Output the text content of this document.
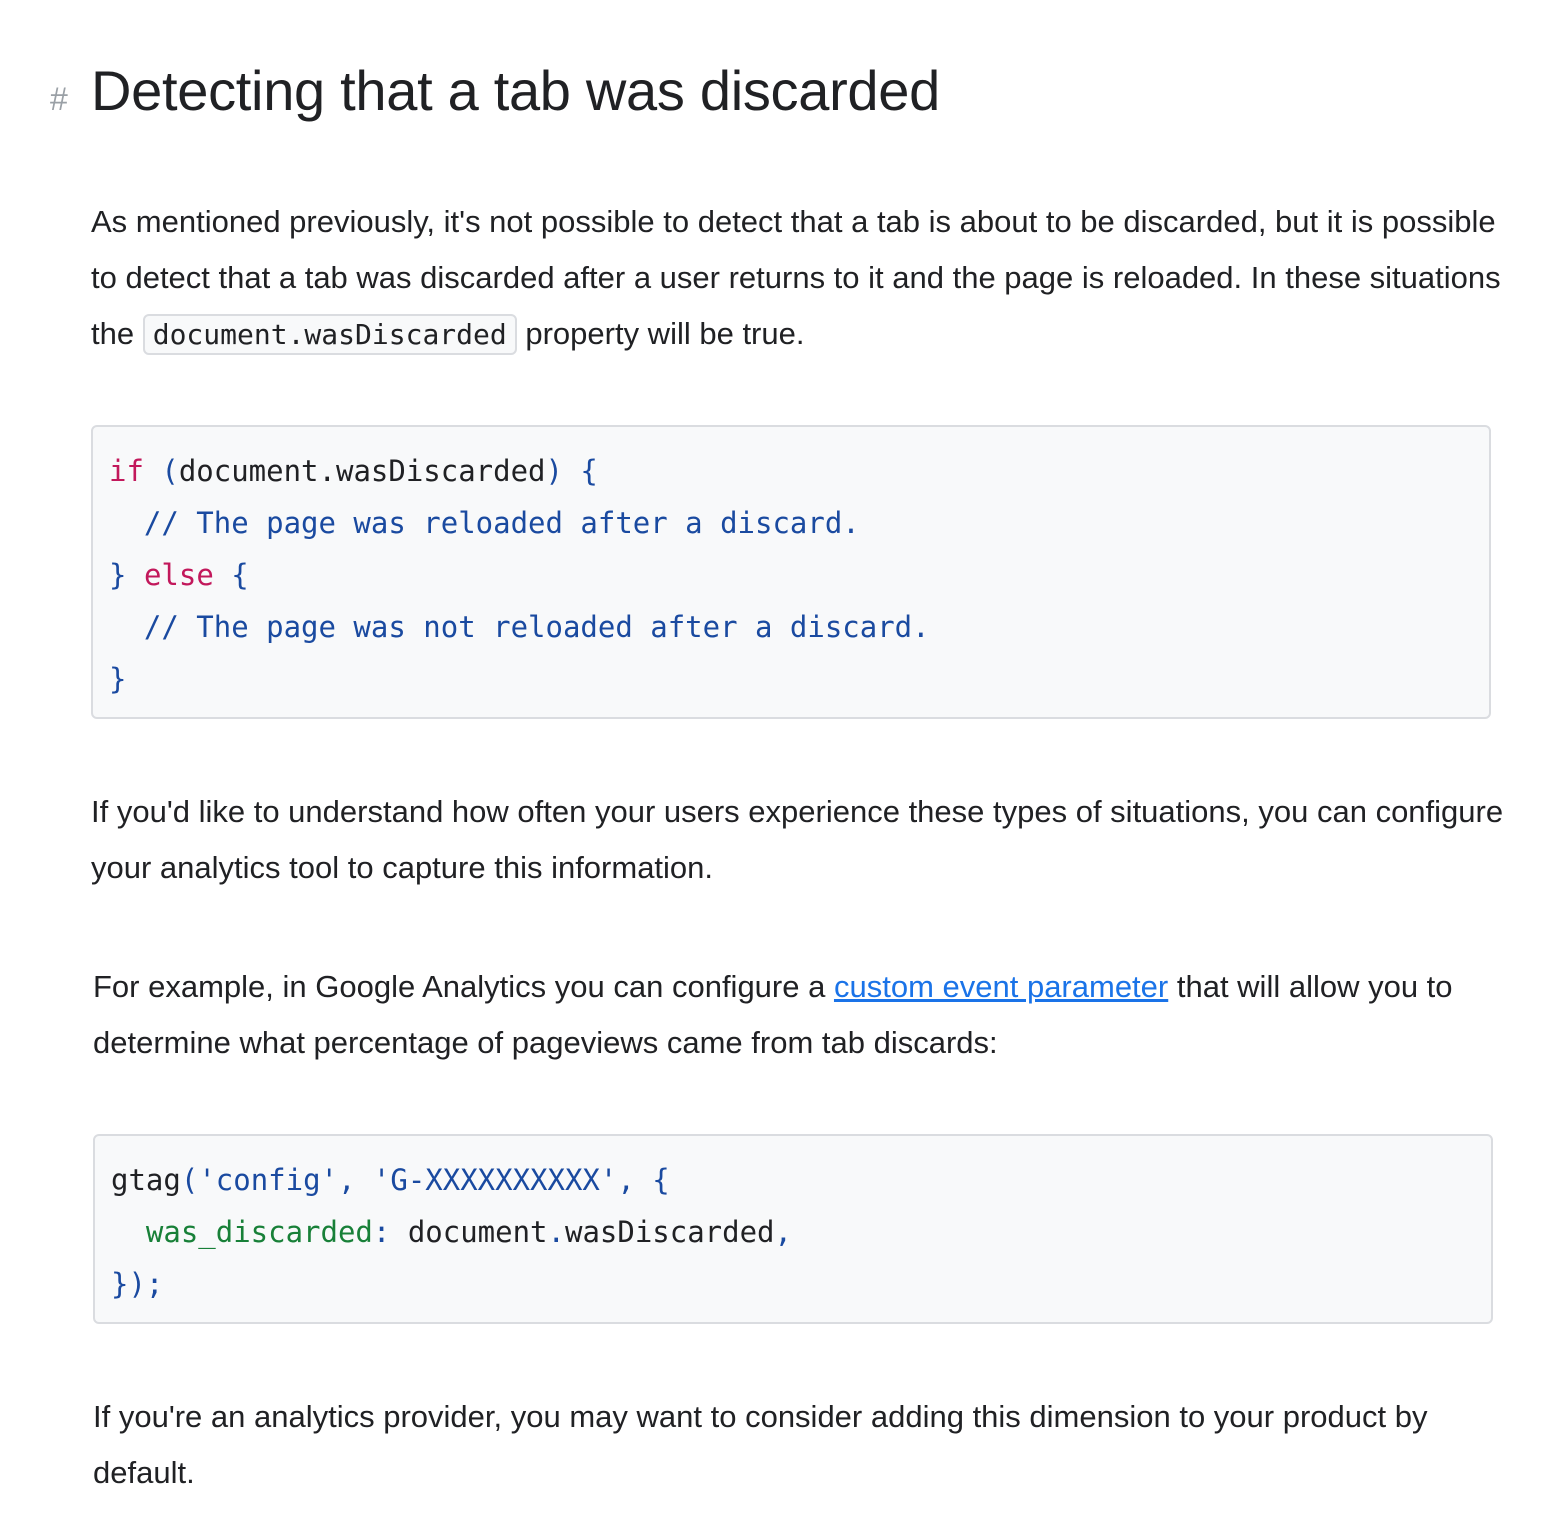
# Detecting that a tab was discarded

As mentioned previously, it's not possible to detect that a tab is about to be discarded, but it is possible to detect that a tab was discarded after a user returns to it and the page is reloaded. In these situations the document.wasDiscarded property will be true.

if (document.wasDiscarded) {
// The page was reloaded after a discard.
} else {
// The page was not reloaded after a discard.
}

If you'd like to understand how often your users experience these types of situations, you can configure your analytics tool to capture this information.

For example, in Google Analytics you can configure a custom event parameter that will allow you to determine what percentage of pageviews came from tab discards:

gtag('config', 'G-XXXXXXXXXX', {
was_discarded: document.wasDiscarded,
});

If you're an analytics provider, you may want to consider adding this dimension to your product by default.
